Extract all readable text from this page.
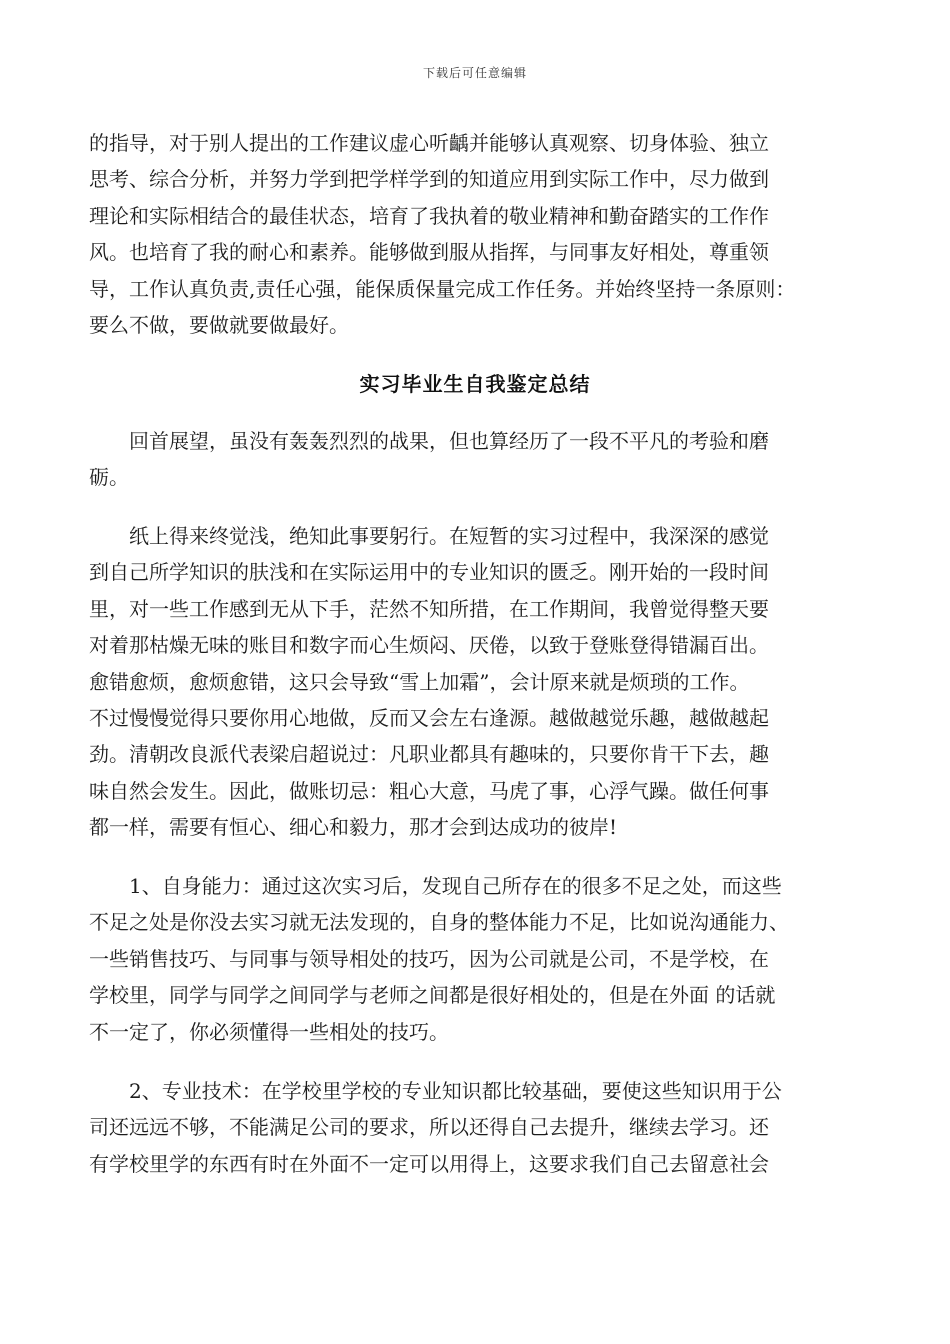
下载后可任意编辑
的指导，对于别人提出的工作建议虚心听齲并能够认真观察、切身体验、独立
思考、综合分析，并努力学到把学样学到的知道应用到实际工作中，尽力做到
理论和实际相结合的最佳状态，培育了我执着的敬业精神和勤奋踏实的工作作
风。也培育了我的耐心和素养。能够做到服从指挥，与同事友好相处，尊重领
导，工作认真负责,责任心强，能保质保量完成工作任务。并始终坚持一条原则：
要么不做，要做就要做最好。
实习毕业生自我鉴定总结
　　回首展望，虽没有轰轰烈烈的战果，但也算经历了一段不平凡的考验和磨
砺。
　　纸上得来终觉浅，绝知此事要躬行。在短暂的实习过程中，我深深的感觉
到自己所学知识的肤浅和在实际运用中的专业知识的匮乏。刚开始的一段时间
里，对一些工作感到无从下手，茫然不知所措，在工作期间，我曾觉得整天要
对着那枯燥无味的账目和数字而心生烦闷、厌倦，以致于登账登得错漏百出。
愈错愈烦，愈烦愈错，这只会导致“雪上加霜”，会计原来就是烦琐的工作。
不过慢慢觉得只要你用心地做，反而又会左右逢源。越做越觉乐趣，越做越起
劲。清朝改良派代表梁启超说过：凡职业都具有趣味的，只要你肯干下去，趣
味自然会发生。因此，做账切忌：粗心大意，马虎了事，心浮气躁。做任何事
都一样，需要有恒心、细心和毅力，那才会到达成功的彼岸!
　　1、自身能力：通过这次实习后，发现自己所存在的很多不足之处，而这些
不足之处是你没去实习就无法发现的，自身的整体能力不足，比如说沟通能力、
一些销售技巧、与同事与领导相处的技巧，因为公司就是公司，不是学校，在
学校里，同学与同学之间同学与老师之间都是很好相处的，但是在外面 的话就
不一定了，你必须懂得一些相处的技巧。
　　2、专业技术：在学校里学校的专业知识都比较基础，要使这些知识用于公
司还远远不够，不能满足公司的要求，所以还得自己去提升，继续去学习。还
有学校里学的东西有时在外面不一定可以用得上，这要求我们自己去留意社会
